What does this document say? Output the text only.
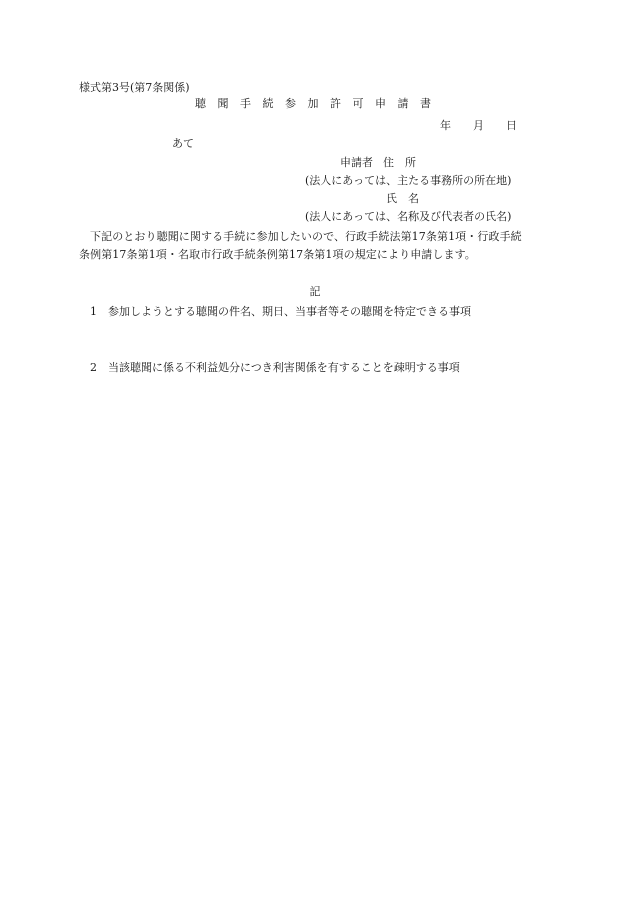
様式第3号(第7条関係)
聴 聞 手 続 参 加 許 可 申 請 書
年 月 日
あて
申請者 住　所
(法人にあっては、主たる事務所の所在地)
氏　名
(法人にあっては、名称及び代表者の氏名)
下記のとおり聴聞に関する手続に参加したいので、行政手続法第17条第1項・行政手続条例第17条第1項・名取市行政手続条例第17条第1項の規定により申請します。
記
1 参加しようとする聴聞の件名、期日、当事者等その聴聞を特定できる事項
2 当該聴聞に係る不利益処分につき利害関係を有することを疎明する事項
